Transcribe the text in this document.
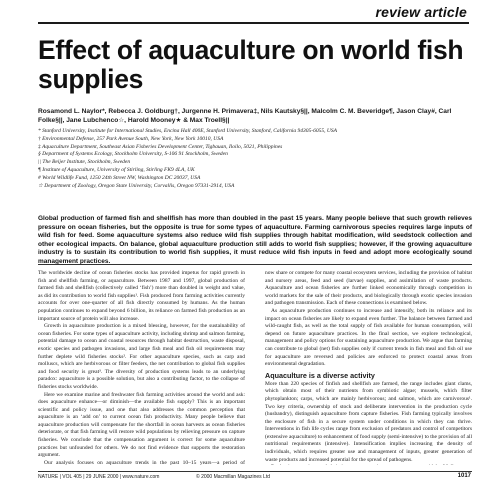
review article
Effect of aquaculture on world fish supplies

Rosamond L. Naylor*, Rebecca J. Goldburg†, Jurgenne H. Primavera‡, Nils Kautsky§||, Malcolm C. M. Beveridge¶, Jason Clay#, Carl Folke§||, Jane Lubchenco☆, Harold Mooney★ & Max Troell§||

* Stanford University, Institute for International Studies, Encina Hall 400E, Stanford University, Stanford, California 94305-6055, USA
† Environmental Defense, 257 Park Avenue South, New York, New York 10010, USA
‡ Aquaculture Department, Southeast Asian Fisheries Development Center, Tigbauan, Iloilo, 5021, Philippines
§ Department of Systems Ecology, Stockholm University, S-106 91 Stockholm, Sweden
|| The Beijer Institute, Stockholm, Sweden
¶ Institute of Aquaculture, University of Stirling, Stirling FK9 4LA, UK
# World Wildlife Fund, 1250 24th Street NW, Washington DC 20037, USA
☆ Department of Zoology, Oregon State University, Corvallis, Oregon 97331-2914, USA

Global production of farmed fish and shellfish has more than doubled in the past 15 years. Many people believe that such growth relieves pressure on ocean fisheries, but the opposite is true for some types of aquaculture. Farming carnivorous species requires large inputs of wild fish for feed. Some aquaculture systems also reduce wild fish supplies through habitat modification, wild seedstock collection and other ecological impacts. On balance, global aquaculture production still adds to world fish supplies; however, if the growing aquaculture industry is to sustain its contribution to world fish supplies, it must reduce wild fish inputs in feed and adopt more ecologically sound management practices.

The worldwide decline of ocean fisheries stocks has provided impetus for rapid growth in fish and shellfish farming, or aquaculture. Between 1987 and 1997, global production of farmed fish and shellfish (collectively called ‘fish’) more than doubled in weight and value, as did its contribution to world fish supplies¹. Fish produced from farming activities currently accounts for over one-quarter of all fish directly consumed by humans. As the human population continues to expand beyond 6 billion, its reliance on farmed fish production as an important source of protein will also increase.

Growth in aquaculture production is a mixed blessing, however, for the sustainability of ocean fisheries. For some types of aquaculture activity, including shrimp and salmon farming, potential damage to ocean and coastal resources through habitat destruction, waste disposal, exotic species and pathogen invasions, and large fish meal and fish oil requirements may further deplete wild fisheries stocks². For other aquaculture species, such as carp and molluscs, which are herbivorous or filter feeders, the net contribution to global fish supplies and food security is great³. The diversity of production systems leads to an underlying paradox: aquaculture is a possible solution, but also a contributing factor, to the collapse of fisheries stocks worldwide.

Here we examine marine and freshwater fish farming activities around the world and ask: does aquaculture enhance—or diminish—the available fish supply? This is an important scientific and policy issue, and one that also addresses the common perception that aquaculture is an ‘add on’ to current ocean fish productivity. Many people believe that aquaculture production will compensate for the shortfall in ocean harvests as ocean fisheries deteriorate, or that fish farming will restore wild populations by relieving pressure on capture fisheries. We conclude that the compensation argument is correct for some aquaculture practices but unfounded for others. We do not find evidence that supports the restoration argument.

Our analysis focuses on aquaculture trends in the past 10–15 years—a period of

now share or compete for many coastal ecosystem services, including the provision of habitat and nursery areas, feed and seed (larvae) supplies, and assimilation of waste products. Aquaculture and ocean fisheries are further linked economically through competition in world markets for the sale of their products, and biologically through exotic species invasion and pathogen transmission. Each of these connections is examined below.

As aquaculture production continues to increase and intensify, both its reliance and its impact on ocean fisheries are likely to expand even further. The balance between farmed and wild-caught fish, as well as the total supply of fish available for human consumption, will depend on future aquaculture practices. In the final section, we explore technological, management and policy options for sustaining aquaculture production. We argue that farming can contribute to global (net) fish supplies only if current trends in fish meal and fish oil use for aquaculture are reversed and policies are enforced to protect coastal areas from environmental degradation.

Aquaculture is a diverse activity

More than 220 species of finfish and shellfish are farmed, the range includes giant clams, which obtain most of their nutrients from symbiotic algae; mussels, which filter phytoplankton; carps, which are mainly herbivorous; and salmon, which are carnivorous¹. Two key criteria, ownership of stock and deliberate intervention in the production cycle (husbandry), distinguish aquaculture from capture fisheries. Fish farming typically involves the enclosure of fish in a secure system under conditions in which they can thrive. Interventions in fish life cycles range from exclusion of predators and control of competitors (extensive aquaculture) to enhancement of food supply (semi-intensive) to the provision of all nutritional requirements (intensive). Intensification implies increasing the density of individuals, which requires greater use and management of inputs, greater generation of waste products and increased potential for the spread of pathogens.

NATURE | VOL 405 | 29 JUNE 2000 | www.nature.com	© 2000 Macmillan Magazines Ltd	1017
